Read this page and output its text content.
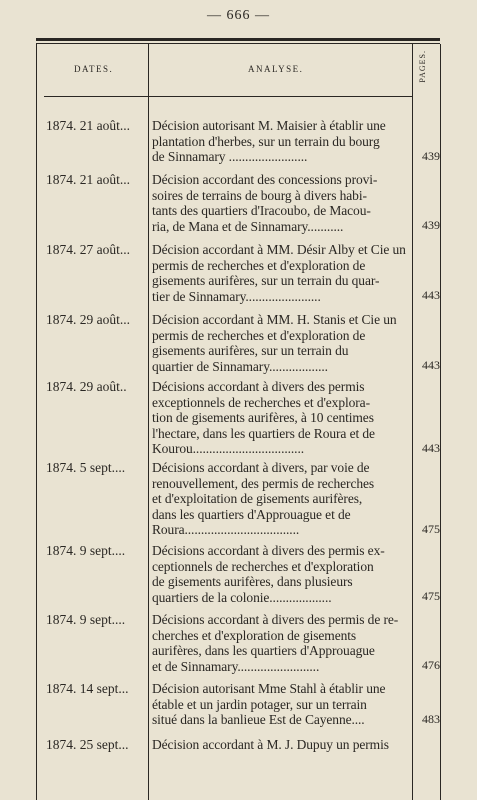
— 666 —
DATES.	ANALYSE.	PAGES.
1874. 21 août... Décision autorisant M. Maisier à établir une
plantation d'herbes, sur un terrain du bourg
de Sinnamary ........................	439
1874. 21 août... Décision accordant des concessions provi-
soires de terrains de bourg à divers habi-
tants des quartiers d'Iracoubo, de Macou-
ria, de Mana et de Sinnamary...........	439
1874. 27 août... Décision accordant à MM. Désir Alby et Cie un
permis de recherches et d'exploration de
gisements aurifères, sur un terrain du quar-
tier de Sinnamary.......................	443
1874. 29 août... Décision accordant à MM. H. Stanis et Cie un
permis de recherches et d'exploration de
gisements aurifères, sur un terrain du
quartier de Sinnamary..................	443
1874. 29 août.. Décisions accordant à divers des permis
exceptionnels de recherches et d'explora-
tion de gisements aurifères, à 10 centimes
l'hectare, dans les quartiers de Roura et de
Kourou..................................	443
1874. 5 sept.... Décisions accordant à divers, par voie de
renouvellement, des permis de recherches
et d'exploitation de gisements aurifères,
dans les quartiers d'Approuague et de
Roura...................................	475
1874. 9 sept.... Décisions accordant à divers des permis ex-
ceptionnels de recherches et d'exploration
de gisements aurifères, dans plusieurs
quartiers de la colonie...................	475
1874. 9 sept.... Décisions accordant à divers des permis de re-
cherches et d'exploration de gisements
aurifères, dans les quartiers d'Approuague
et de Sinnamary.........................	476
1874. 14 sept... Décision autorisant Mme Stahl à établir une
étable et un jardin potager, sur un terrain
situé dans la banlieue Est de Cayenne....	483
1874. 25 sept... Décision accordant à M. J. Dupuy un permis
